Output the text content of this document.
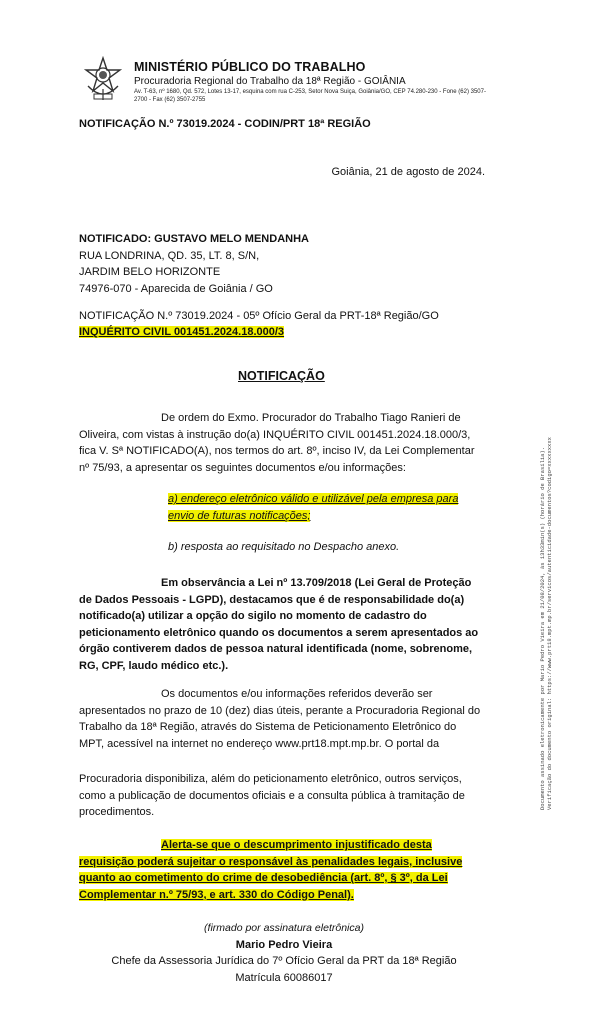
MINISTÉRIO PÚBLICO DO TRABALHO
Procuradoria Regional do Trabalho da 18ª Região - GOIÂNIA
Av. T-63, nº 1680, Qd. 572, Lotes 13-17, esquina com rua C-253, Setor Nova Suiça, Goiânia/GO, CEP 74.280-230 - Fone (62) 3507-
2700 - Fax (62) 3507-2755
NOTIFICAÇÃO N.º 73019.2024 - CODIN/PRT 18ª REGIÃO
Goiânia, 21 de agosto de 2024.
NOTIFICADO: GUSTAVO MELO MENDANHA
RUA LONDRINA, QD. 35, LT. 8, S/N,
JARDIM BELO HORIZONTE
74976-070 - Aparecida de Goiânia / GO
NOTIFICAÇÃO N.º 73019.2024 - 05º Ofício Geral da PRT-18ª Região/GO
INQUÉRITO CIVIL 001451.2024.18.000/3
NOTIFICAÇÃO
De ordem do Exmo. Procurador do Trabalho Tiago Ranieri de
Oliveira, com vistas à instrução do(a) INQUÉRITO CIVIL 001451.2024.18.000/3,
fica V. Sª NOTIFICADO(A), nos termos do art. 8º, inciso IV, da Lei Complementar
nº 75/93, a apresentar os seguintes documentos e/ou informações:
a) endereço eletrônico válido e utilizável pela empresa para
envio de futuras notificações;
b) resposta ao requisitado no Despacho anexo.
Em observância a Lei nº 13.709/2018 (Lei Geral de Proteção
de Dados Pessoais - LGPD), destacamos que é de responsabilidade do(a)
notificado(a) utilizar a opção do sigilo no momento de cadastro do
peticionamento eletrônico quando os documentos a serem apresentados ao
órgão contiverem dados de pessoa natural identificada (nome, sobrenome,
RG, CPF, laudo médico etc.).
Os documentos e/ou informações referidos deverão ser
apresentados no prazo de 10 (dez) dias úteis, perante a Procuradoria Regional do
Trabalho da 18ª Região, através do Sistema de Peticionamento Eletrônico do
MPT, acessível na internet no endereço www.prt18.mpt.mp.br. O portal da
Procuradoria disponibiliza, além do peticionamento eletrônico, outros serviços,
como a publicação de documentos oficiais e a consulta pública à tramitação de
procedimentos.
Alerta-se que o descumprimento injustificado desta
requisição poderá sujeitar o responsável às penalidades legais, inclusive
quanto ao cometimento do crime de desobediência (art. 8º, § 3º, da Lei
Complementar n.º 75/93, e art. 330 do Código Penal).
(firmado por assinatura eletrônica)
Mario Pedro Vieira
Chefe da Assessoria Jurídica do 7º Ofício Geral da PRT da 18ª Região
Matrícula 60086017
Documento assinado eletronicamente por Mario Pedro Vieira em 21/08/2024, às 13h33min(s) (horário de Brasília). Verificação do documento original: https://www.prt18.mpt.mp.br/servicos/autenticidade-documentos?codigo=xxxxxxxxx
